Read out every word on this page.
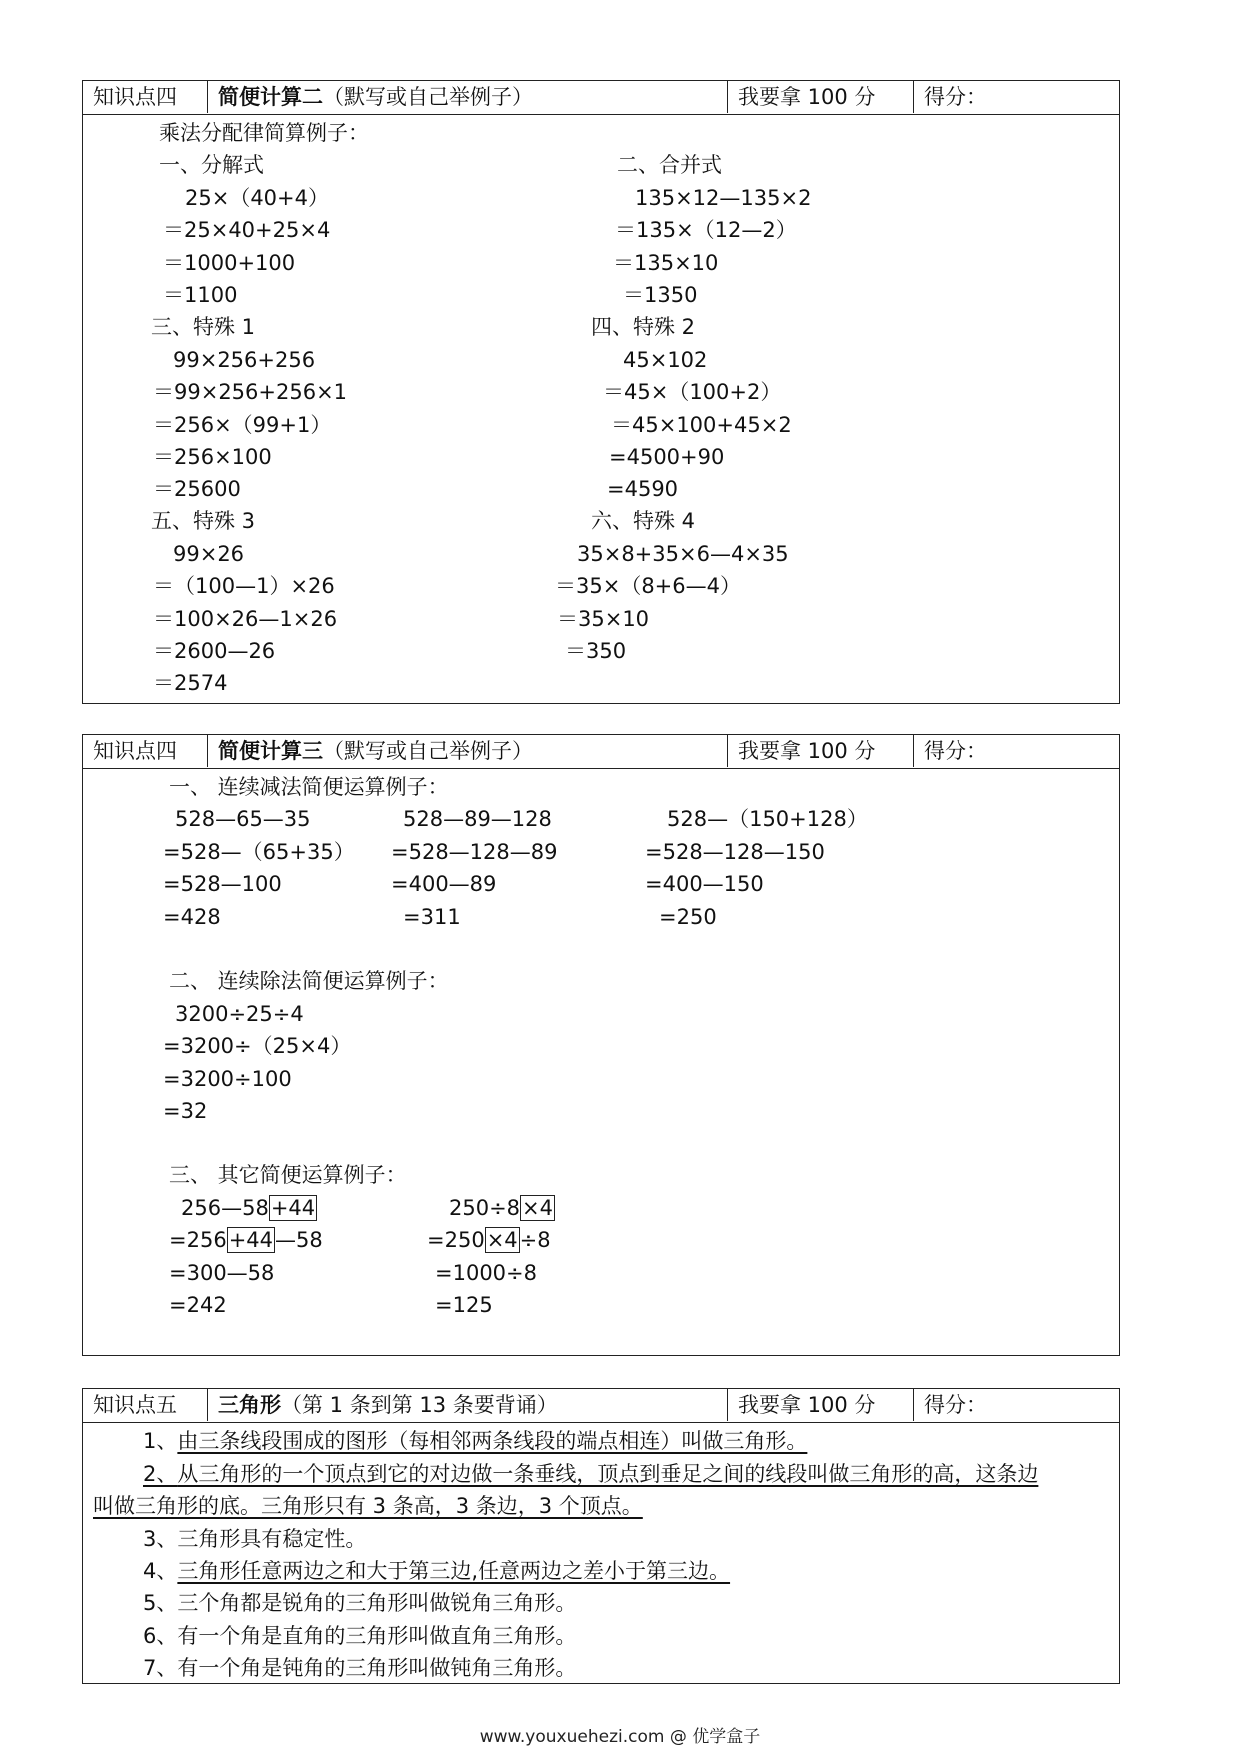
知识点四	简便计算二（默写或自己举例子）	我要拿 100 分	得分：
乘法分配律简算例子：
一、分解式
25×（40+4）
＝25×40+25×4
＝1000+100
＝1100
二、合并式
135×12—135×2
＝135×（12—2）
＝135×10
＝1350
三、特殊 1
99×256+256
＝99×256+256×1
＝256×（99+1）
＝256×100
＝25600
四、特殊 2
45×102
＝45×（100+2）
＝45×100+45×2
=4500+90
=4590
五、特殊 3
99×26
＝（100—1）×26
＝100×26—1×26
＝2600—26
＝2574
六、特殊 4
35×8+35×6—4×35
＝35×（8+6—4）
＝35×10
＝350
知识点四	简便计算三（默写或自己举例子）	我要拿 100 分	得分：
一、 连续减法简便运算例子：
528—65—35
=528—（65+35）
=528—100
=428
528—89—128
=528—128—89
=400—89
=311
528—（150+128）
=528—128—150
=400—150
=250
二、 连续除法简便运算例子：
3200÷25÷4
=3200÷（25×4）
=3200÷100
=32
三、 其它简便运算例子：
256—58+44
=256+44—58
=300—58
=242
250÷8×4
=250×4÷8
=1000÷8
=125
知识点五	三角形（第 1 条到第 13 条要背诵）	我要拿 100 分	得分：
1、由三条线段围成的图形（每相邻两条线段的端点相连）叫做三角形。
2、从三角形的一个顶点到它的对边做一条垂线，顶点到垂足之间的线段叫做三角形的高，这条边
叫做三角形的底。三角形只有 3 条高，3 条边，3 个顶点。
3、三角形具有稳定性。
4、三角形任意两边之和大于第三边,任意两边之差小于第三边。
5、三个角都是锐角的三角形叫做锐角三角形。
6、有一个角是直角的三角形叫做直角三角形。
7、有一个角是钝角的三角形叫做钝角三角形。
www.youxuehezi.com @ 优学盒子
